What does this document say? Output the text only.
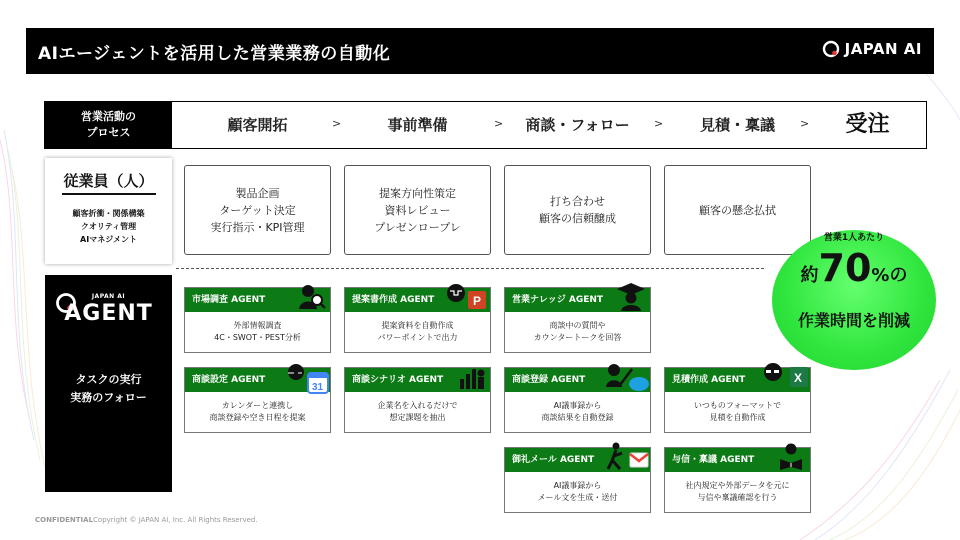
AIエージェントを活用した営業業務の自動化	JAPAN AI
営業活動の
プロセス	顧客開拓	>	事前準備	>	商談・フォロー	>	見積・稟議	>	受注
従業員（人）
顧客折衝・関係構築
クオリティ管理
AIマネジメント
製品企画
ターゲット決定
実行指示・KPI管理
提案方向性策定
資料レビュー
プレゼンロープレ
打ち合わせ
顧客の信頼醸成
顧客の懸念払拭
JAPAN AI
AGENT
タスクの実行
実務のフォロー
市場調査 AGENT
外部情報調査
4C・SWOT・PEST分析
提案書作成 AGENT	P
提案資料を自動作成
パワーポイントで出力
営業ナレッジ AGENT
商談中の質問や
カウンタートークを回答
商談設定 AGENT
31
カレンダーと連携し
商談登録や空き日程を提案
商談シナリオ AGENT
企業名を入れるだけで
想定課題を抽出
商談登録 AGENT
AI議事録から
商談結果を自動登録
見積作成 AGENT	X
いつものフォーマットで
見積を自動作成
御礼メール AGENT
AI議事録から
メール文を生成・送付
与信・稟議 AGENT
社内規定や外部データを元に
与信や稟議確認を行う
営業1人あたり
約70%の
作業時間を削減
CONFIDENTIALCopyright © JAPAN AI, Inc. All Rights Reserved.
